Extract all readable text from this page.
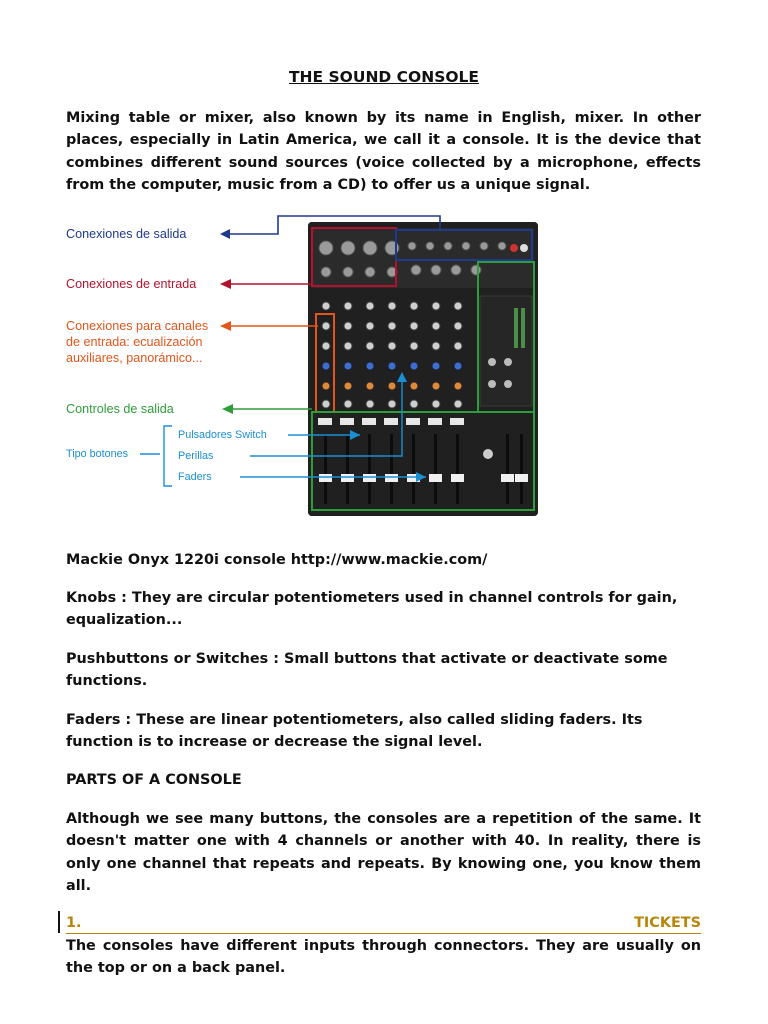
THE SOUND CONSOLE

Mixing table or mixer, also known by its name in English, mixer. In other places, especially in Latin America, we call it a console. It is the device that combines different sound sources (voice collected by a microphone, effects from the computer, music from a CD) to offer us a unique signal.

Conexiones de salida
Conexiones de entrada
Conexiones para canales
de entrada: ecualización
auxiliares, panorámico...
Controles de salida
Tipo botones
Pulsadores Switch
Perillas
Faders

Mackie Onyx 1220i console http://www.mackie.com/

Knobs : They are circular potentiometers used in channel controls for gain, equalization...

Pushbuttons or Switches : Small buttons that activate or deactivate some functions.

Faders : These are linear potentiometers, also called sliding faders. Its function is to increase or decrease the signal level.

PARTS OF A CONSOLE

Although we see many buttons, the consoles are a repetition of the same. It doesn't matter one with 4 channels or another with 40. In reality, there is only one channel that repeats and repeats. By knowing one, you know them all.

1.	TICKETS

The consoles have different inputs through connectors. They are usually on the top or on a back panel.
